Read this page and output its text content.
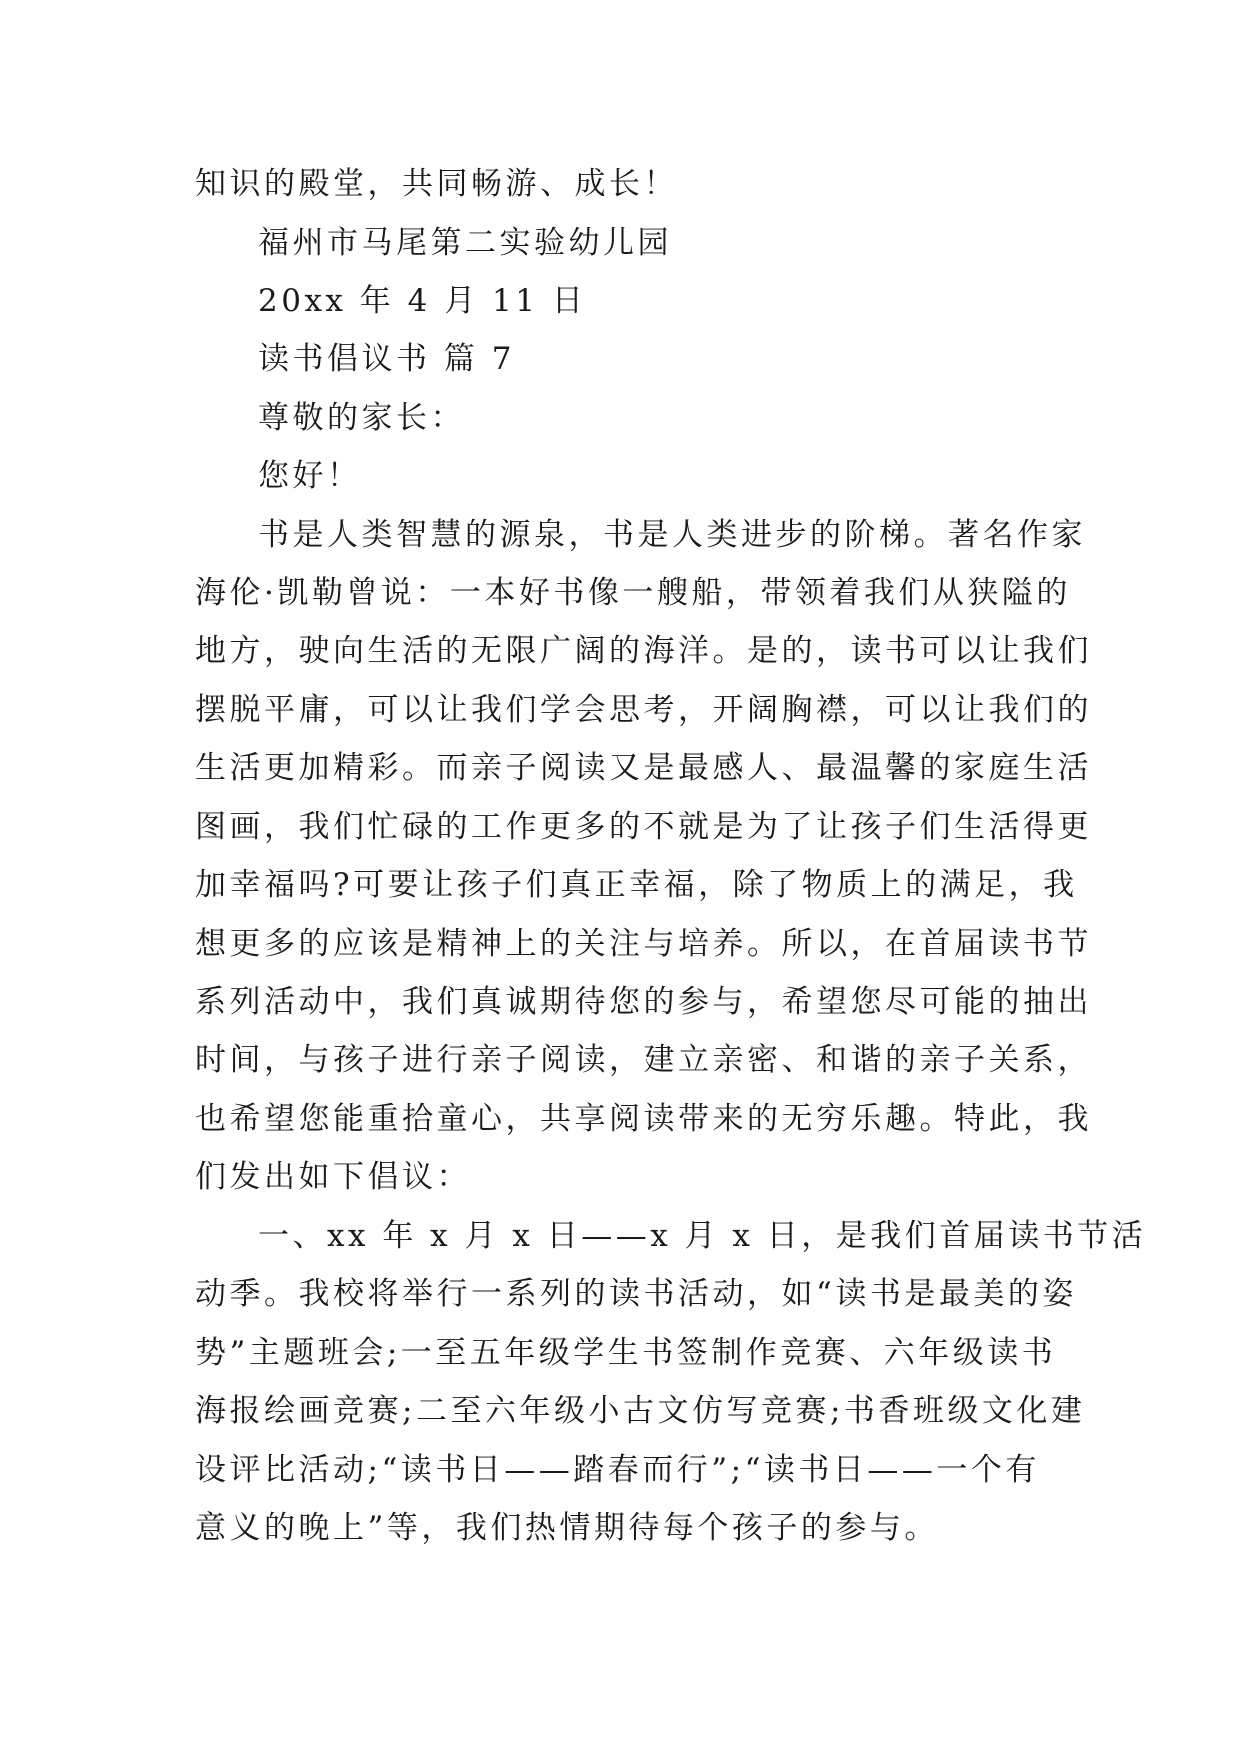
知识的殿堂，共同畅游、成长！
福州市马尾第二实验幼儿园
20xx 年 4 月 11 日
读书倡议书 篇 7
尊敬的家长：
您好！
书是人类智慧的源泉，书是人类进步的阶梯。著名作家
海伦·凯勒曾说：一本好书像一艘船，带领着我们从狭隘的
地方，驶向生活的无限广阔的海洋。是的，读书可以让我们
摆脱平庸，可以让我们学会思考，开阔胸襟，可以让我们的
生活更加精彩。而亲子阅读又是最感人、最温馨的家庭生活
图画，我们忙碌的工作更多的不就是为了让孩子们生活得更
加幸福吗?可要让孩子们真正幸福，除了物质上的满足，我
想更多的应该是精神上的关注与培养。所以，在首届读书节
系列活动中，我们真诚期待您的参与，希望您尽可能的抽出
时间，与孩子进行亲子阅读，建立亲密、和谐的亲子关系，
也希望您能重拾童心，共享阅读带来的无穷乐趣。特此，我
们发出如下倡议：
一、xx 年 x 月 x 日——x 月 x 日，是我们首届读书节活
动季。我校将举行一系列的读书活动，如“读书是最美的姿
势”主题班会;一至五年级学生书签制作竞赛、六年级读书
海报绘画竞赛;二至六年级小古文仿写竞赛;书香班级文化建
设评比活动;“读书日——踏春而行”;“读书日——一个有
意义的晚上”等，我们热情期待每个孩子的参与。
